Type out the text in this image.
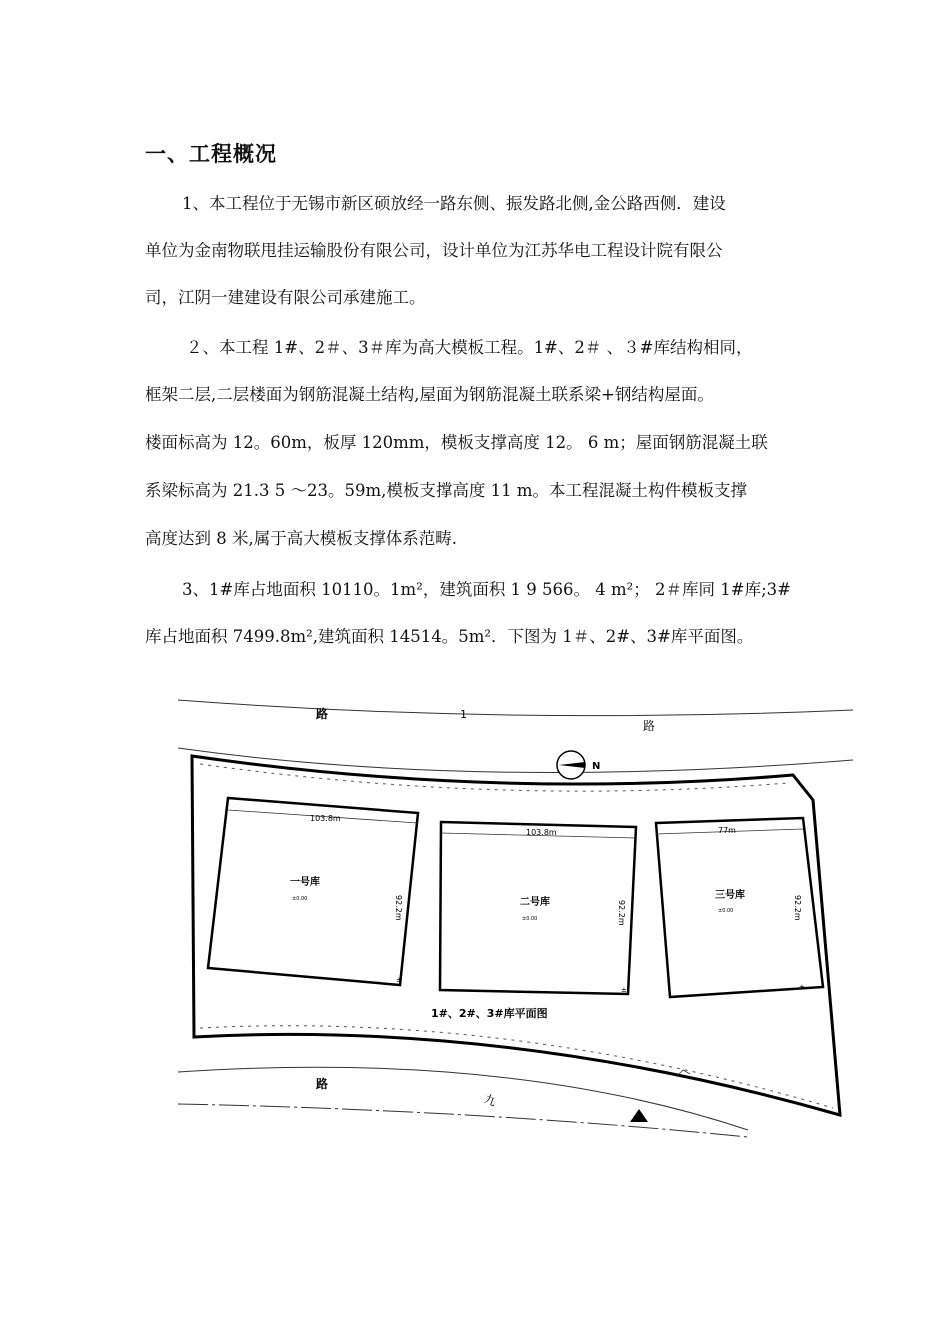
一、工程概况
1、本工程位于无锡市新区硕放经一路东侧、振发路北侧,金公路西侧．建设
单位为金南物联甩挂运输股份有限公司，设计单位为江苏华电工程设计院有限公
司，江阴一建建设有限公司承建施工。
２、本工程 1#、2＃、3＃库为高大模板工程。1#、2＃ 、３#库结构相同，
框架二层,二层楼面为钢筋混凝土结构,屋面为钢筋混凝土联系梁+钢结构屋面。
楼面标高为 12。60m，板厚 120mm，模板支撑高度 12。 6 m；屋面钢筋混凝土联
系梁标高为 21.3 5 ～23。59m,模板支撑高度 11 m。本工程混凝土构件模板支撑
高度达到 8 米,属于高大模板支撑体系范畴.
3、1#库占地面积 10110。1m²，建筑面积 1 9 566。 4 m²； 2＃库同 1#库;3#
库占地面积 7499.8m²,建筑面积 14514。5m²．下图为 1＃、2#、3#库平面图。
路	1
路
N
103.8m
一号库
±0.00	92.2m
±
103.8m
二号库
±0.00	92.2m
±
77m
三号库
±0.00	92.2m
±
1#、2#、3#库平面图
路
九
